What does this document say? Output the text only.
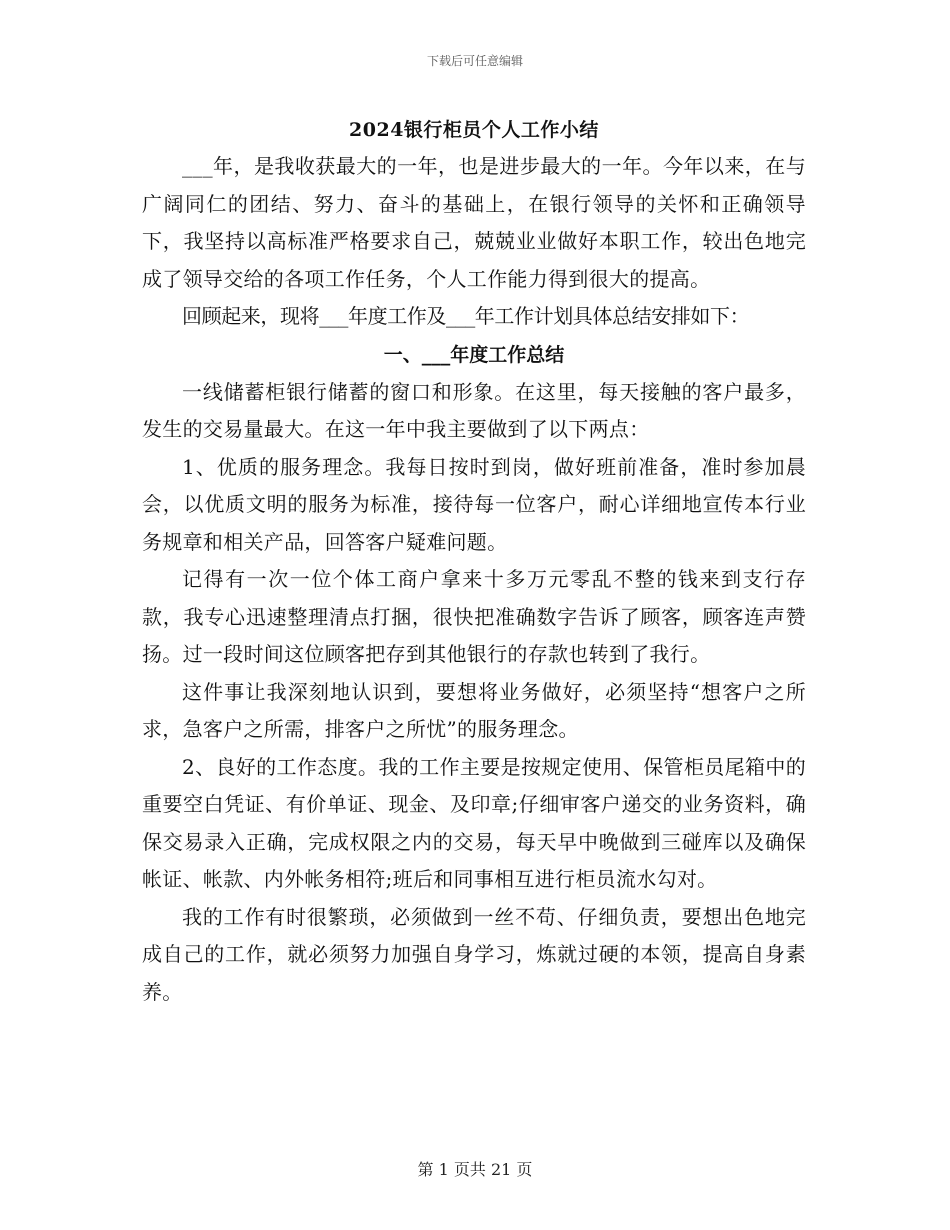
下载后可任意编辑
2024银行柜员个人工作小结

___年，是我收获最大的一年，也是进步最大的一年。今年以来，在与广阔同仁的团结、努力、奋斗的基础上，在银行领导的关怀和正确领导下，我坚持以高标准严格要求自己，兢兢业业做好本职工作，较出色地完成了领导交给的各项工作任务，个人工作能力得到很大的提高。

回顾起来，现将___年度工作及___年工作计划具体总结安排如下：

一、___年度工作总结

一线储蓄柜银行储蓄的窗口和形象。在这里，每天接触的客户最多，发生的交易量最大。在这一年中我主要做到了以下两点：

1、优质的服务理念。我每日按时到岗，做好班前准备，准时参加晨会，以优质文明的服务为标准，接待每一位客户，耐心详细地宣传本行业务规章和相关产品，回答客户疑难问题。

记得有一次一位个体工商户拿来十多万元零乱不整的钱来到支行存款，我专心迅速整理清点打捆，很快把准确数字告诉了顾客，顾客连声赞扬。过一段时间这位顾客把存到其他银行的存款也转到了我行。

这件事让我深刻地认识到，要想将业务做好，必须坚持“想客户之所求，急客户之所需，排客户之所忧”的服务理念。

2、良好的工作态度。我的工作主要是按规定使用、保管柜员尾箱中的重要空白凭证、有价单证、现金、及印章;仔细审客户递交的业务资料，确保交易录入正确，完成权限之内的交易，每天早中晚做到三碰库以及确保帐证、帐款、内外帐务相符;班后和同事相互进行柜员流水勾对。

我的工作有时很繁琐，必须做到一丝不苟、仔细负责，要想出色地完成自己的工作，就必须努力加强自身学习，炼就过硬的本领，提高自身素养。

第 1 页共 21 页
